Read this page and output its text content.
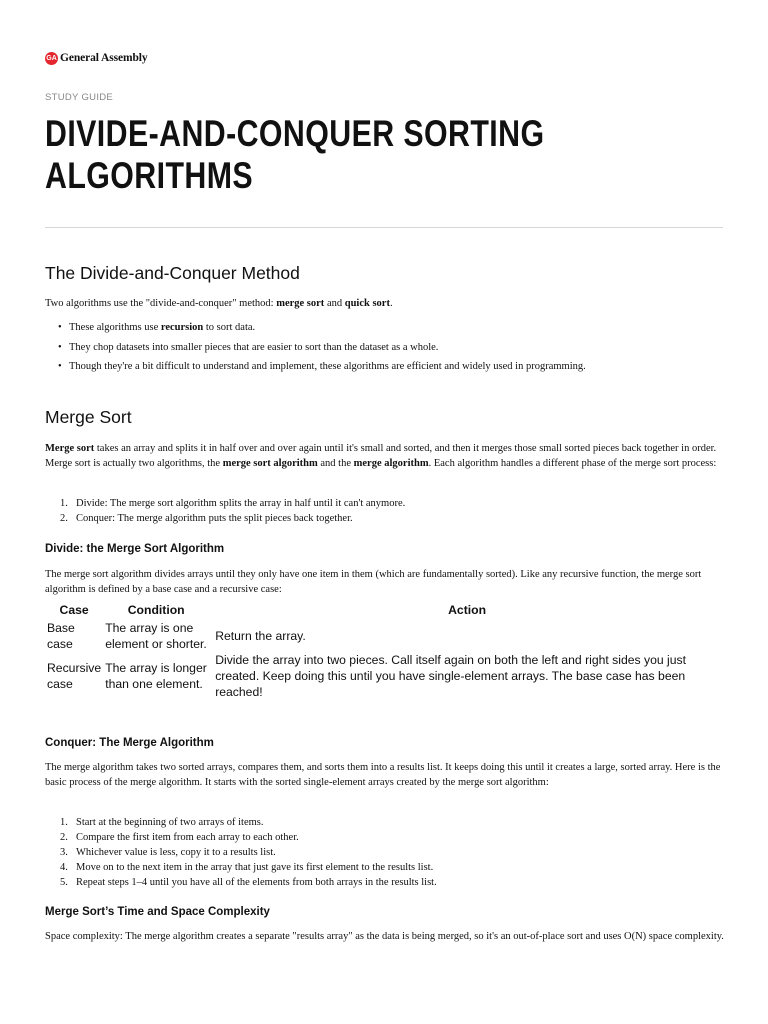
GA General Assembly
STUDY GUIDE
DIVIDE-AND-CONQUER SORTING
ALGORITHMS
The Divide-and-Conquer Method

Two algorithms use the "divide-and-conquer" method: merge sort and quick sort.

• These algorithms use recursion to sort data.
• They chop datasets into smaller pieces that are easier to sort than the dataset as a whole.
• Though they're a bit difficult to understand and implement, these algorithms are efficient and widely used in programming.
Merge Sort

Merge sort takes an array and splits it in half over and over again until it's small and sorted, and then it merges those small sorted pieces back together in order. Merge sort is actually two algorithms, the merge sort algorithm and the merge algorithm. Each algorithm handles a different phase of the merge sort process:

1. Divide: The merge sort algorithm splits the array in half until it can't anymore.
2. Conquer: The merge algorithm puts the split pieces back together.
Divide: the Merge Sort Algorithm

The merge sort algorithm divides arrays until they only have one item in them (which are fundamentally sorted). Like any recursive function, the merge sort algorithm is defined by a base case and a recursive case:

Case	Condition	Action
Base case	The array is one element or shorter.	Return the array.
Recursive case	The array is longer than one element.	Divide the array into two pieces. Call itself again on both the left and right sides you just created. Keep doing this until you have single-element arrays. The base case has been reached!
Conquer: The Merge Algorithm

The merge algorithm takes two sorted arrays, compares them, and sorts them into a results list. It keeps doing this until it creates a large, sorted array. Here is the basic process of the merge algorithm. It starts with the sorted single-element arrays created by the merge sort algorithm:

1. Start at the beginning of two arrays of items.
2. Compare the first item from each array to each other.
3. Whichever value is less, copy it to a results list.
4. Move on to the next item in the array that just gave its first element to the results list.
5. Repeat steps 1–4 until you have all of the elements from both arrays in the results list.
Merge Sort’s Time and Space Complexity

Space complexity: The merge algorithm creates a separate "results array" as the data is being merged, so it's an out-of-place sort and uses O(N) space complexity.
